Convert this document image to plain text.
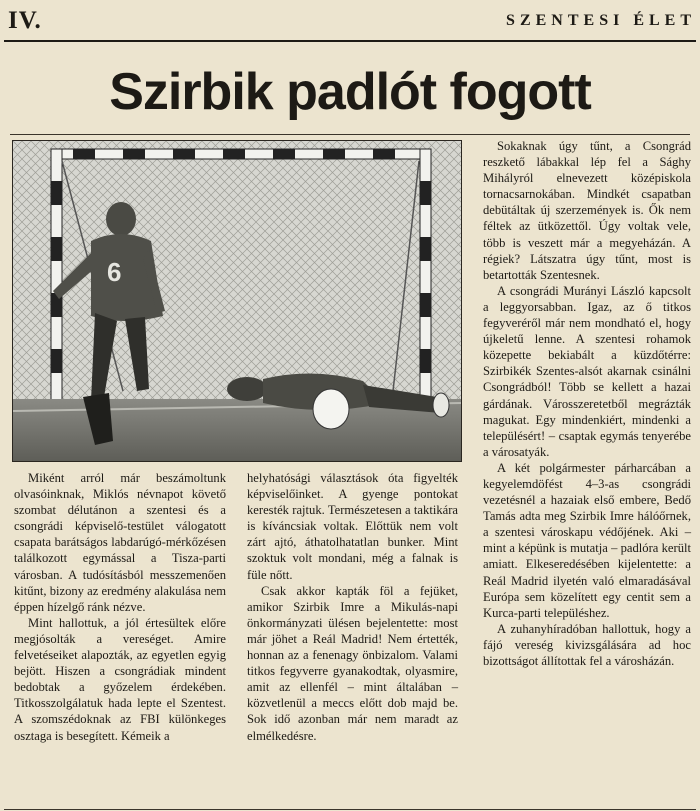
IV.	SZENTESI ÉLET
Szirbik padlót fogott
6

Miként arról már beszámoltunk olvasóinknak, Miklós névnapot követő szombat délutánon a szentesi és a csongrádi képviselő-testület válogatott csapata barátságos labdarúgó-mérkőzésen találkozott egymással a Tisza-parti városban. A tudósításból messzemenően kitűnt, bizony az eredmény alakulása nem éppen hízelgő ránk nézve.

Mint hallottuk, a jól értesültek előre megjósolták a vereséget. Amire felvetéseiket alapozták, az egyetlen egyig bejött. Hiszen a csongrádiak mindent bedobtak a győzelem érdekében. Titkosszolgálatuk hada lepte el Szentest. A szomszédoknak az FBI különkeges osztaga is besegített. Kémeik a

helyhatósági választások óta figyelték képviselőinket. A gyenge pontokat keresték rajtuk. Természetesen a taktikára is kíváncsiak voltak. Előttük nem volt zárt ajtó, áthatolhatatlan bunker. Mint szoktuk volt mondani, még a falnak is füle nőtt.

Csak akkor kapták föl a fejüket, amikor Szirbik Imre a Mikulás-napi önkormányzati ülésen bejelentette: most már jöhet a Reál Madrid! Nem értették, honnan az a fenenagy önbizalom. Valami titkos fegyverre gyanakodtak, olyasmire, amit az ellenfél – mint általában – közvetlenül a meccs előtt dob majd be. Sok idő azonban már nem maradt az elmélkedésre.

Sokaknak úgy tűnt, a Csongrád reszkető lábakkal lép fel a Sághy Mihályról elnevezett középiskola tornacsarnokában. Mindkét csapatban debütáltak új szerzemények is. Ők nem féltek az ütközettől. Úgy voltak vele, több is veszett már a megyeházán. A régiek? Látszatra úgy tűnt, most is betartották Szentesnek.

A csongrádi Murányi László kapcsolt a leggyorsabban. Igaz, az ő titkos fegyveréről már nem mondható el, hogy újkeletű lenne. A szentesi rohamok közepette bekiabált a küzdőtérre: Szirbikék Szentes-alsót akarnak csinálni Csongrádból! Több se kellett a hazai gárdának. Városszeretetből megrázták magukat. Egy mindenkiért, mindenki a településért! – csaptak egymás tenyerébe a városatyák.

A két polgármester párharcában a kegyelemdöfést 4–3-as csongrádi vezetésnél a hazaiak első embere, Bedő Tamás adta meg Szirbik Imre hálóőrnek, a szentesi városkapu védőjének. Aki – mint a képünk is mutatja – padlóra került amiatt. Elkeseredésében kijelentette: a Reál Madrid ilyetén való elmaradásával Európa sem közelített egy centit sem a Kurca-parti településhez.

A zuhanyhíradóban hallottuk, hogy a fájó vereség kivizsgálására ad hoc bizottságot állítottak fel a városházán.
